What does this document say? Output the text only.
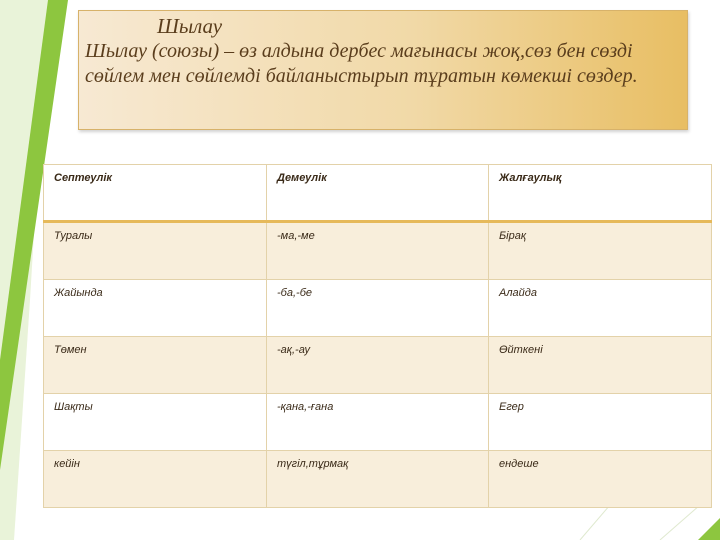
Шылау
Шылау (союзы) – өз алдына дербес мағынасы жоқ,сөз бен сөзді сөйлем мен сөйлемді байланыстырып тұратын көмекші сөздер.
Септеулік	Демеулік	Жалғаулық
Туралы	-ма,-ме	Бірақ
Жайында	-ба,-бе	Алайда
Төмен	-ақ,-ау	Өйткені
Шақты	-қана,-ғана	Егер
кейін	түгіл,тұрмақ	ендеше
